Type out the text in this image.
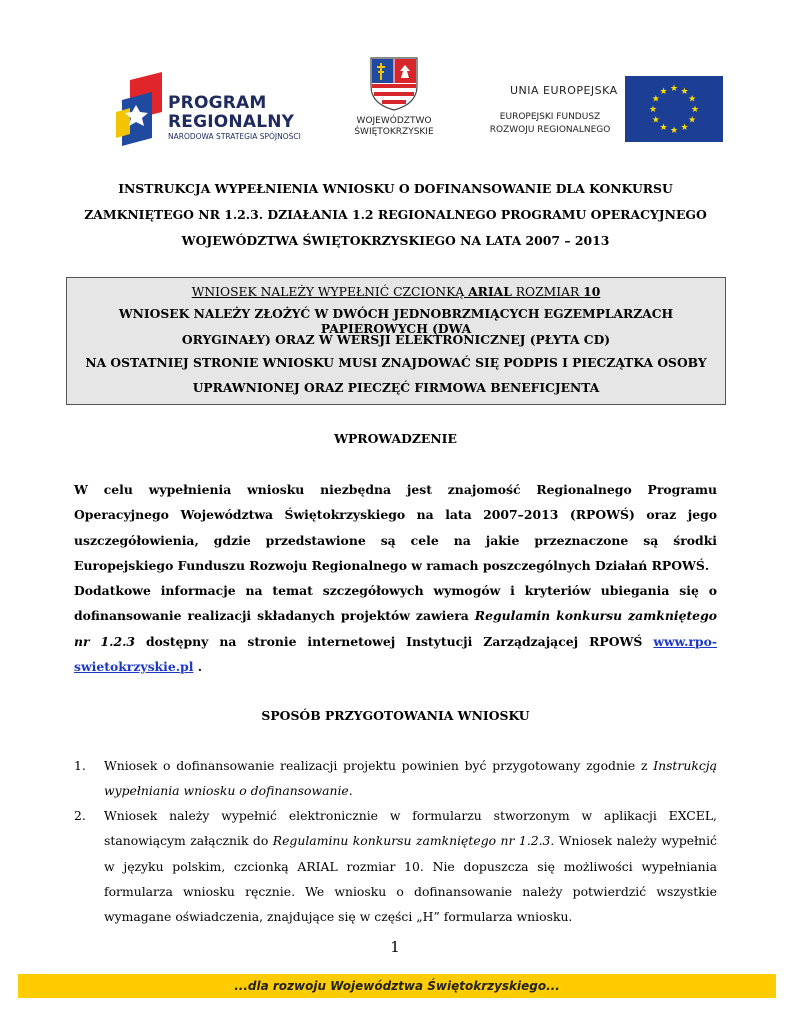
PROGRAM
REGIONALNY
NARODOWA STRATEGIA SPÓJNOŚCI
WOJEWÓDZTWO
ŚWIĘTOKRZYSKIE
UNIA EUROPEJSKA
EUROPEJSKI FUNDUSZ
ROZWOJU REGIONALNEGO
★ ★
★
★
★
★
★
★
★
★
★
★
INSTRUKCJA WYPEŁNIENIA WNIOSKU O DOFINANSOWANIE DLA KONKURSU
ZAMKNIĘTEGO NR 1.2.3. DZIAŁANIA 1.2 REGIONALNEGO PROGRAMU OPERACYJNEGO
WOJEWÓDZTWA ŚWIĘTOKRZYSKIEGO NA LATA 2007 – 2013
WNIOSEK NALEŻY WYPEŁNIĆ CZCIONKĄ ARIAL ROZMIAR 10
WNIOSEK NALEŻY ZŁOŻYĆ W DWÓCH JEDNOBRZMIĄCYCH EGZEMPLARZACH PAPIEROWYCH (DWA
ORYGINAŁY) ORAZ W WERSJI ELEKTRONICZNEJ (PŁYTA CD)
NA OSTATNIEJ STRONIE WNIOSKU MUSI ZNAJDOWAĆ SIĘ PODPIS I PIECZĄTKA OSOBY
UPRAWNIONEJ ORAZ PIECZĘĆ FIRMOWA BENEFICJENTA
WPROWADZENIE
W celu wypełnienia wniosku niezbędna jest znajomość Regionalnego Programu Operacyjnego Województwa Świętokrzyskiego na lata 2007–2013 (RPOWŚ) oraz jego uszczegółowienia, gdzie przedstawione są cele na jakie przeznaczone są środki Europejskiego Funduszu Rozwoju Regionalnego w ramach poszczególnych Działań RPOWŚ.
Dodatkowe informacje na temat szczegółowych wymogów i kryteriów ubiegania się o dofinansowanie realizacji składanych projektów zawiera Regulamin konkursu zamkniętego nr 1.2.3 dostępny na stronie internetowej Instytucji Zarządzającej RPOWŚ www.rpo-swietokrzyskie.pl .
SPOSÓB PRZYGOTOWANIA WNIOSKU
1. Wniosek o dofinansowanie realizacji projektu powinien być przygotowany zgodnie z Instrukcją wypełniania wniosku o dofinansowanie.
2. Wniosek należy wypełnić elektronicznie w formularzu stworzonym w aplikacji EXCEL, stanowiącym załącznik do Regulaminu konkursu zamkniętego nr 1.2.3. Wniosek należy wypełnić w języku polskim, czcionką ARIAL rozmiar 10. Nie dopuszcza się możliwości wypełniania formularza wniosku ręcznie. We wniosku o dofinansowanie należy potwierdzić wszystkie wymagane oświadczenia, znajdujące się w części „H” formularza wniosku.
1
...dla rozwoju Województwa Świętokrzyskiego...
